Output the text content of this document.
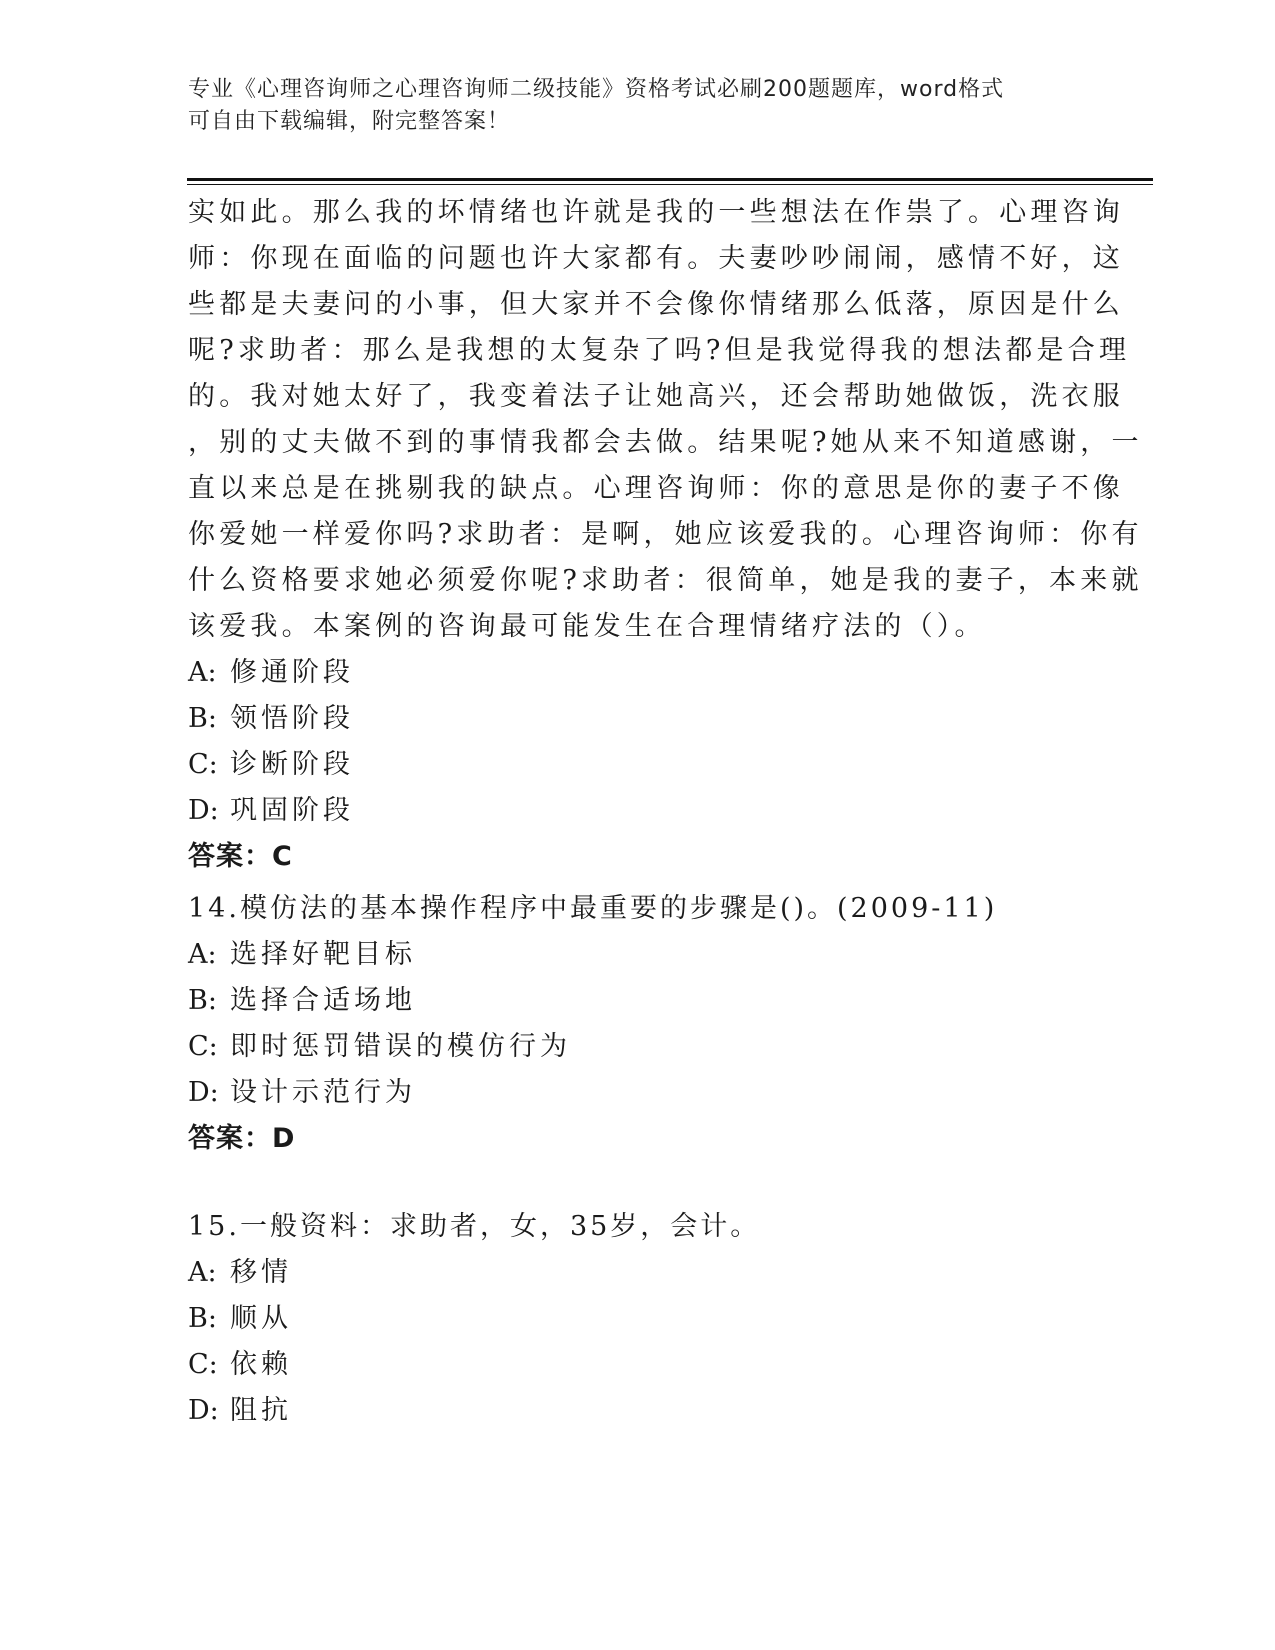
专业《心理咨询师之心理咨询师二级技能》资格考试必刷200题题库，word格式
可自由下载编辑，附完整答案！
实如此。那么我的坏情绪也许就是我的一些想法在作祟了。心理咨询
师：你现在面临的问题也许大家都有。夫妻吵吵闹闹，感情不好，这
些都是夫妻问的小事，但大家并不会像你情绪那么低落，原因是什么
呢?求助者：那么是我想的太复杂了吗?但是我觉得我的想法都是合理
的。我对她太好了，我变着法子让她高兴，还会帮助她做饭，洗衣服
，别的丈夫做不到的事情我都会去做。结果呢?她从来不知道感谢，一
直以来总是在挑剔我的缺点。心理咨询师：你的意思是你的妻子不像
你爱她一样爱你吗?求助者：是啊，她应该爱我的。心理咨询师：你有
什么资格要求她必须爱你呢?求助者：很简单，她是我的妻子，本来就
该爱我。本案例的咨询最可能发生在合理情绪疗法的（）。
A: 修通阶段
B: 领悟阶段
C: 诊断阶段
D: 巩固阶段
答案：C
14.模仿法的基本操作程序中最重要的步骤是()。(2009-11)
A: 选择好靶目标
B: 选择合适场地
C: 即时惩罚错误的模仿行为
D: 设计示范行为
答案：D
15.一般资料：求助者，女，35岁，会计。
A: 移情
B: 顺从
C: 依赖
D: 阻抗
